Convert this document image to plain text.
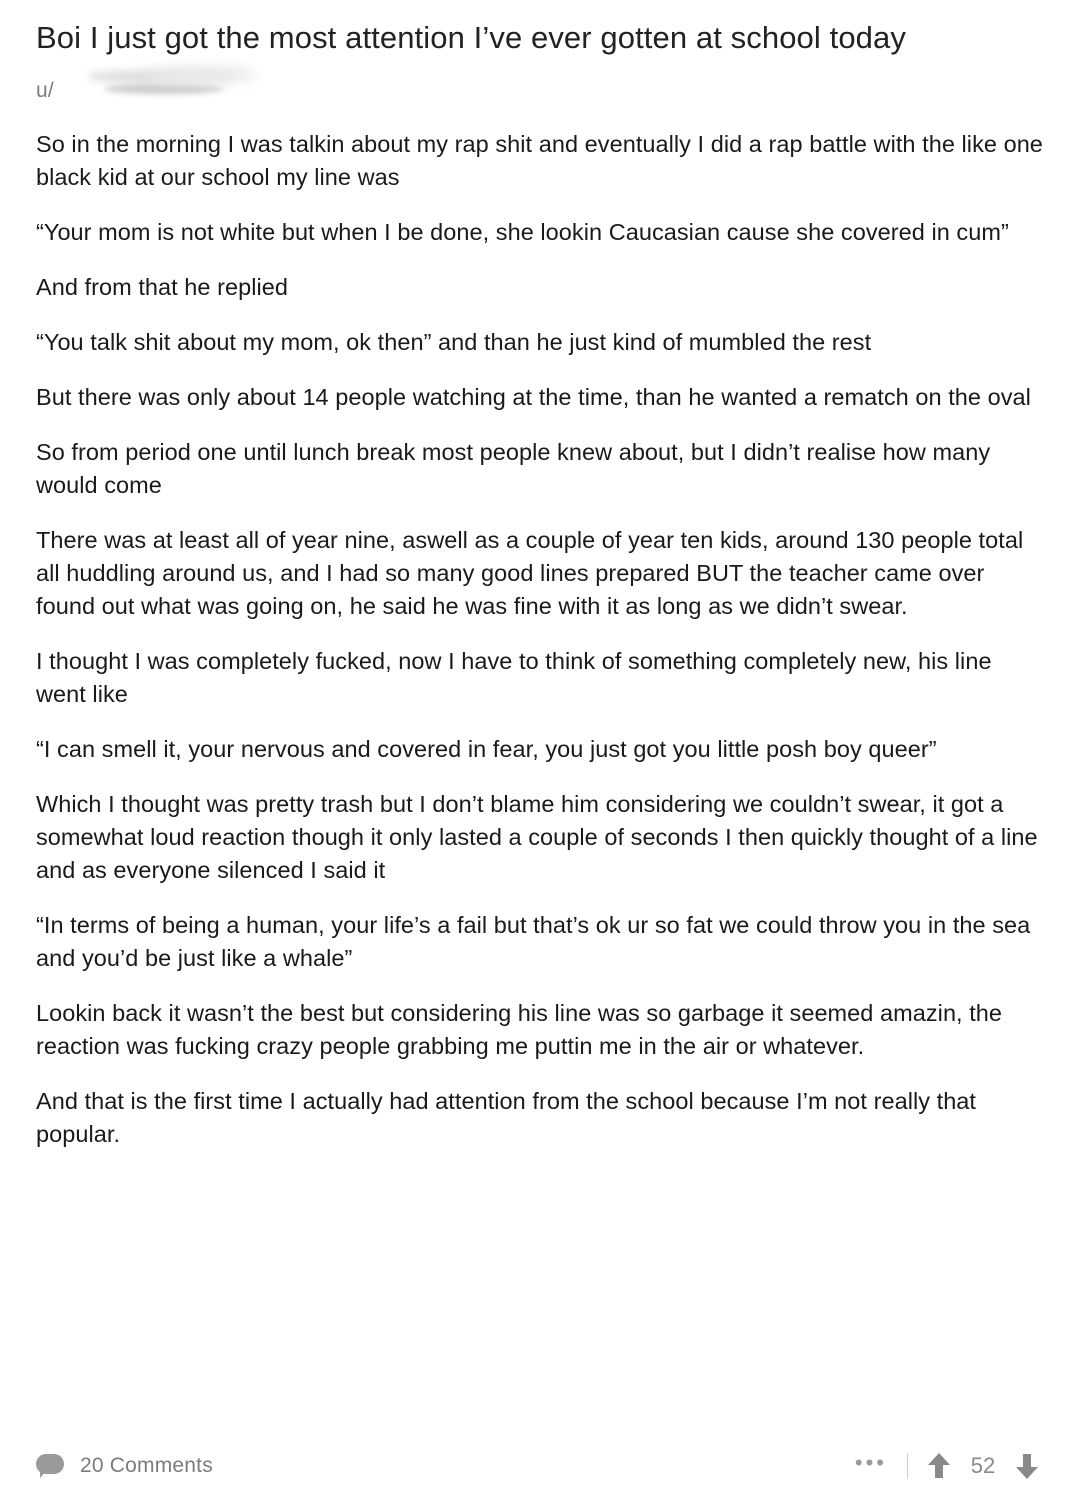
Boi I just got the most attention I’ve ever gotten at school today
u/

So in the morning I was talkin about my rap shit and eventually I did a rap battle with the like one black kid at our school my line was

“Your mom is not white but when I be done, she lookin Caucasian cause she covered in cum”

And from that he replied

“You talk shit about my mom, ok then” and than he just kind of mumbled the rest

But there was only about 14 people watching at the time, than he wanted a rematch on the oval

So from period one until lunch break most people knew about, but I didn’t realise how many would come

There was at least all of year nine, aswell as a couple of year ten kids, around 130 people total all huddling around us, and I had so many good lines prepared BUT the teacher came over found out what was going on, he said he was fine with it as long as we didn’t swear.

I thought I was completely fucked, now I have to think of something completely new, his line went like

“I can smell it, your nervous and covered in fear, you just got you little posh boy queer”

Which I thought was pretty trash but I don’t blame him considering we couldn’t swear, it got a somewhat loud reaction though it only lasted a couple of seconds I then quickly thought of a line and as everyone silenced I said it

“In terms of being a human, your life’s a fail but that’s ok ur so fat we could throw you in the sea and you’d be just like a whale”

Lookin back it wasn’t the best but considering his line was so garbage it seemed amazin, the reaction was fucking crazy people grabbing me puttin me in the air or whatever.

And that is the first time I actually had attention from the school because I’m not really that popular.

20 Comments	•••	52
